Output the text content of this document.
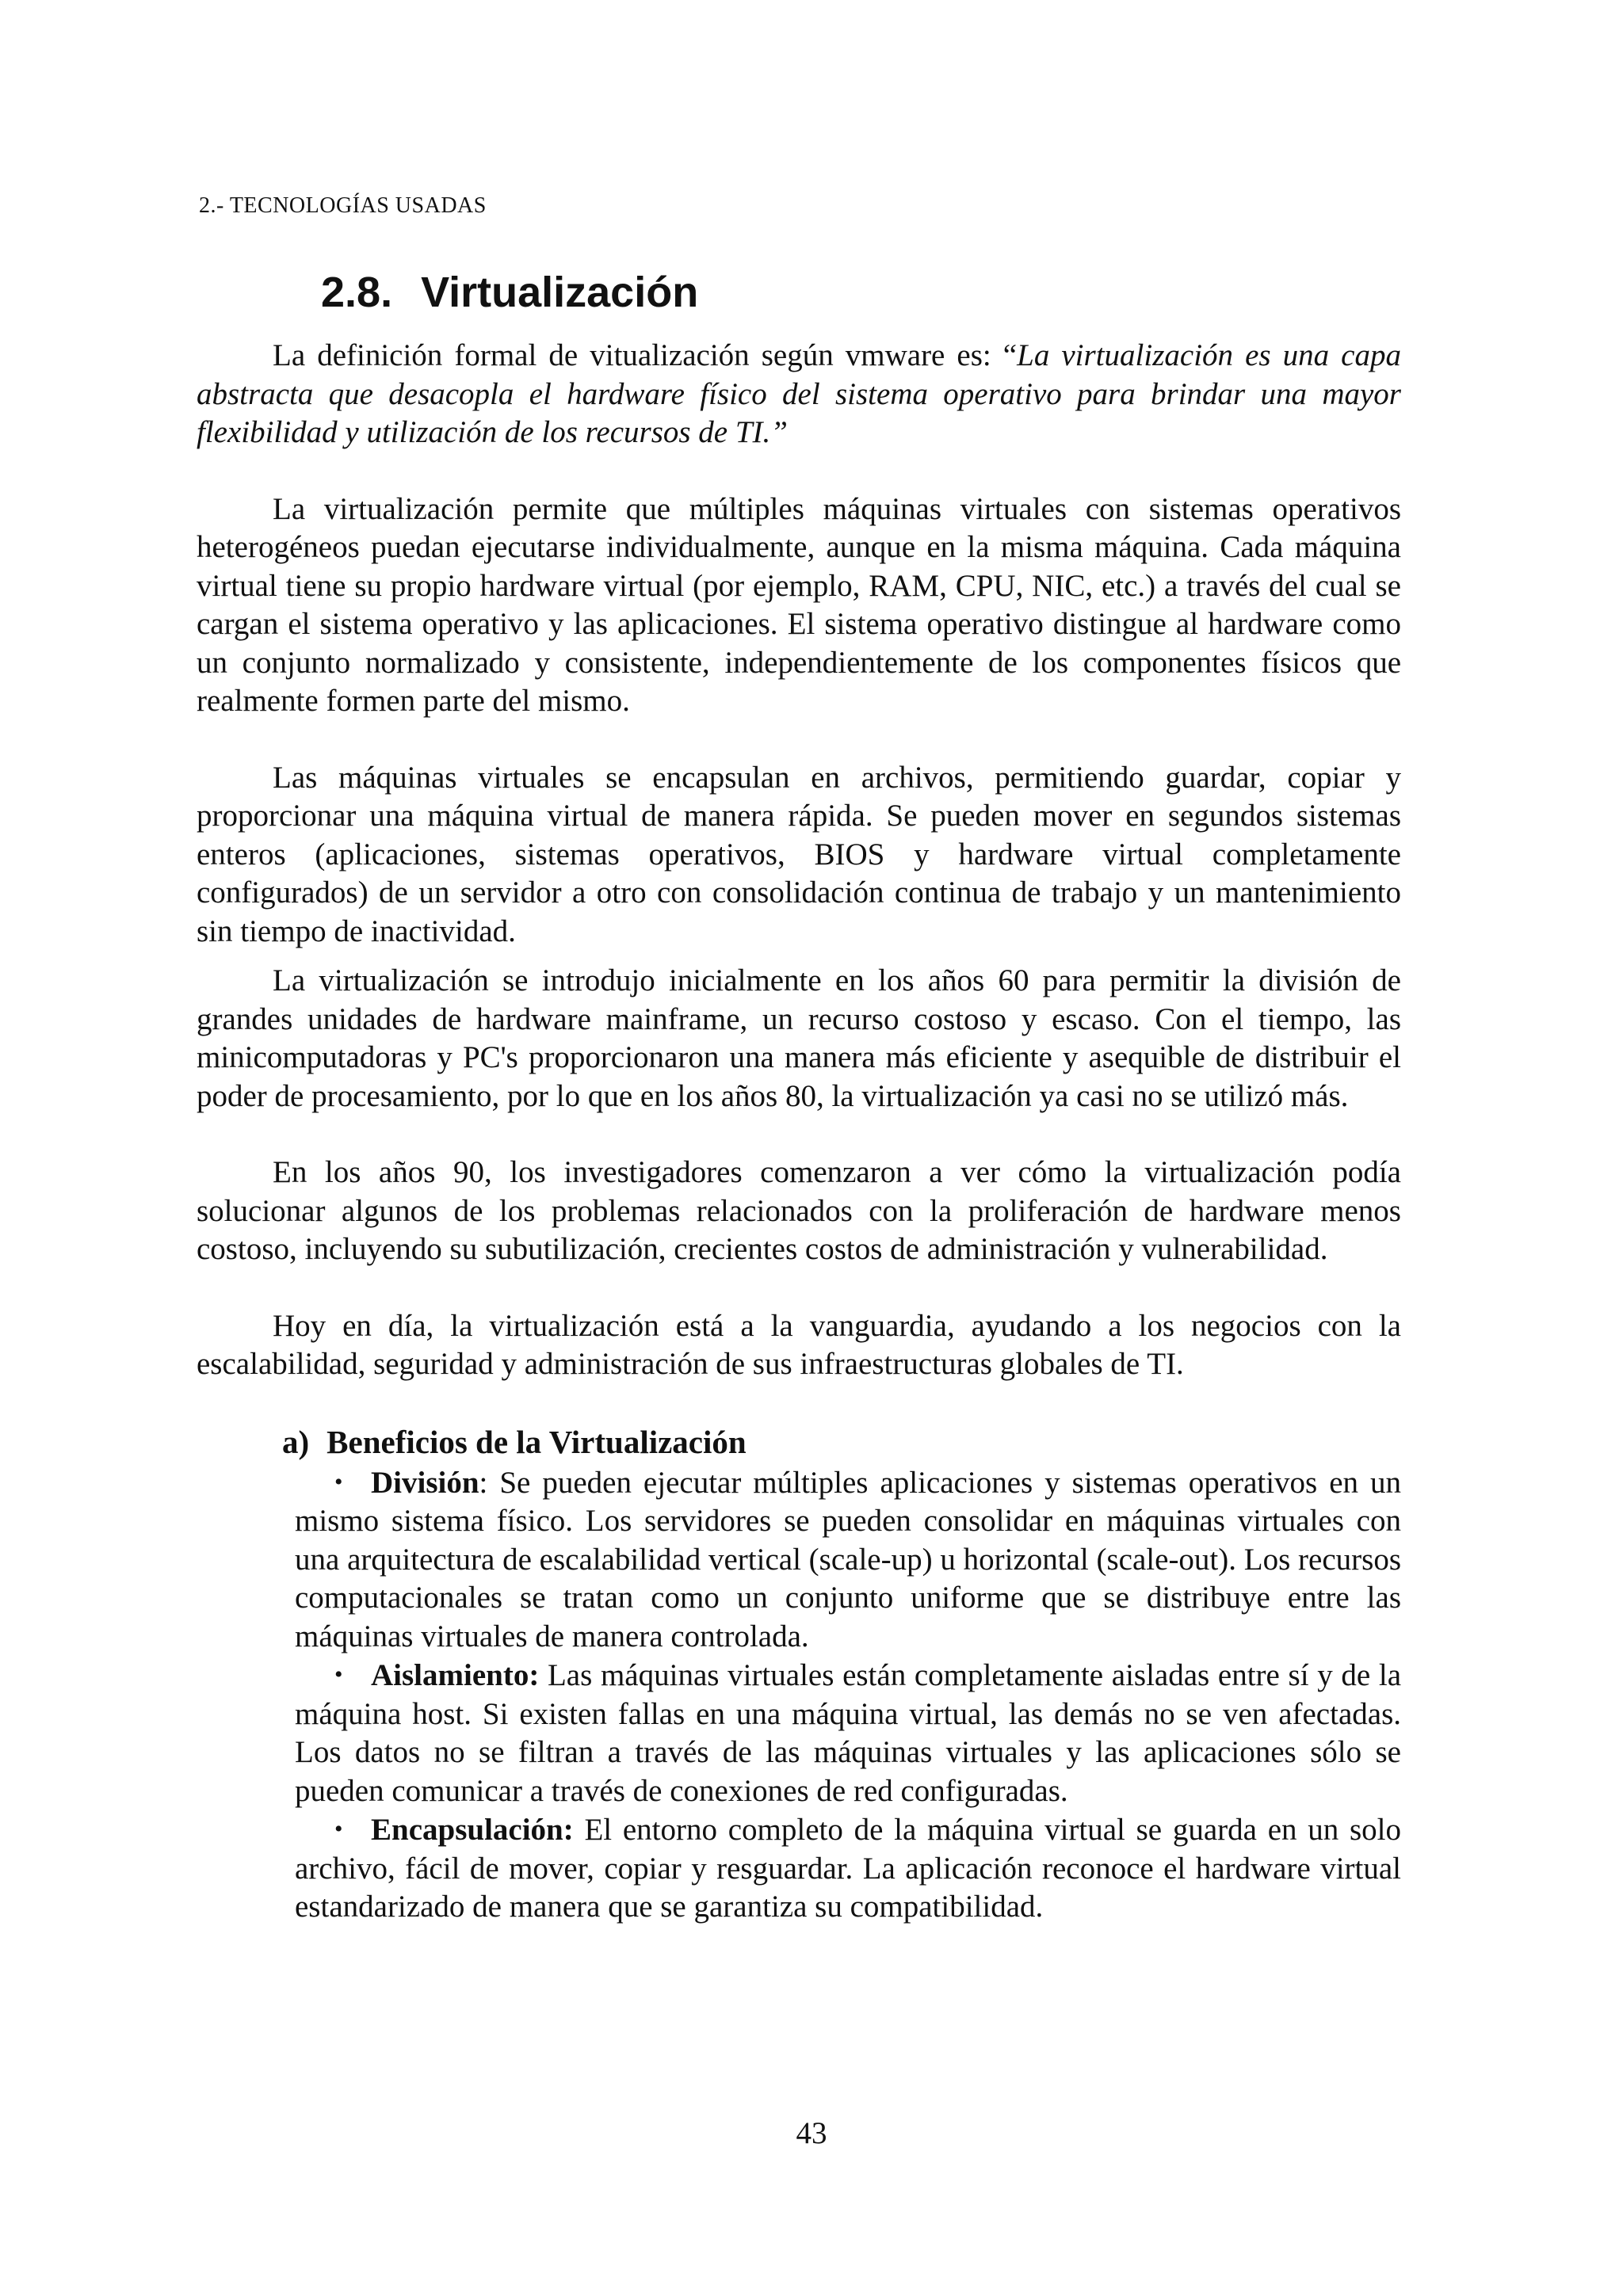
2.- TECNOLOGÍAS USADAS
2.8. Virtualización

La definición formal de vitualización según vmware es: “La virtualización es una capa abstracta que desacopla el hardware físico del sistema operativo para brindar una mayor flexibilidad y utilización de los recursos de TI.”

La virtualización permite que múltiples máquinas virtuales con sistemas operativos heterogéneos puedan ejecutarse individualmente, aunque en la misma máquina. Cada máquina virtual tiene su propio hardware virtual (por ejemplo, RAM, CPU, NIC, etc.) a través del cual se cargan el sistema operativo y las aplicaciones. El sistema operativo distingue al hardware como un conjunto normalizado y consistente, independientemente de los componentes físicos que realmente formen parte del mismo.

Las máquinas virtuales se encapsulan en archivos, permitiendo guardar, copiar y proporcionar una máquina virtual de manera rápida. Se pueden mover en segundos sistemas enteros (aplicaciones, sistemas operativos, BIOS y hardware virtual completamente configurados) de un servidor a otro con consolidación continua de trabajo y un mantenimiento sin tiempo de inactividad.

La virtualización se introdujo inicialmente en los años 60 para permitir la división de grandes unidades de hardware mainframe, un recurso costoso y escaso. Con el tiempo, las minicomputadoras y PC's proporcionaron una manera más eficiente y asequible de distribuir el poder de procesamiento, por lo que en los años 80, la virtualización ya casi no se utilizó más.

En los años 90, los investigadores comenzaron a ver cómo la virtualización podía solucionar algunos de los problemas relacionados con la proliferación de hardware menos costoso, incluyendo su subutilización, crecientes costos de administración y vulnerabilidad.

Hoy en día, la virtualización está a la vanguardia, ayudando a los negocios con la escalabilidad, seguridad y administración de sus infraestructuras globales de TI.

a) Beneficios de la Virtualización

• División: Se pueden ejecutar múltiples aplicaciones y sistemas operativos en un mismo sistema físico. Los servidores se pueden consolidar en máquinas virtuales con una arquitectura de escalabilidad vertical (scale-up) u horizontal (scale-out). Los recursos computacionales se tratan como un conjunto uniforme que se distribuye entre las máquinas virtuales de manera controlada.

• Aislamiento: Las máquinas virtuales están completamente aisladas entre sí y de la máquina host. Si existen fallas en una máquina virtual, las demás no se ven afectadas. Los datos no se filtran a través de las máquinas virtuales y las aplicaciones sólo se pueden comunicar a través de conexiones de red configuradas.

• Encapsulación: El entorno completo de la máquina virtual se guarda en un solo archivo, fácil de mover, copiar y resguardar. La aplicación reconoce el hardware virtual estandarizado de manera que se garantiza su compatibilidad.

43
